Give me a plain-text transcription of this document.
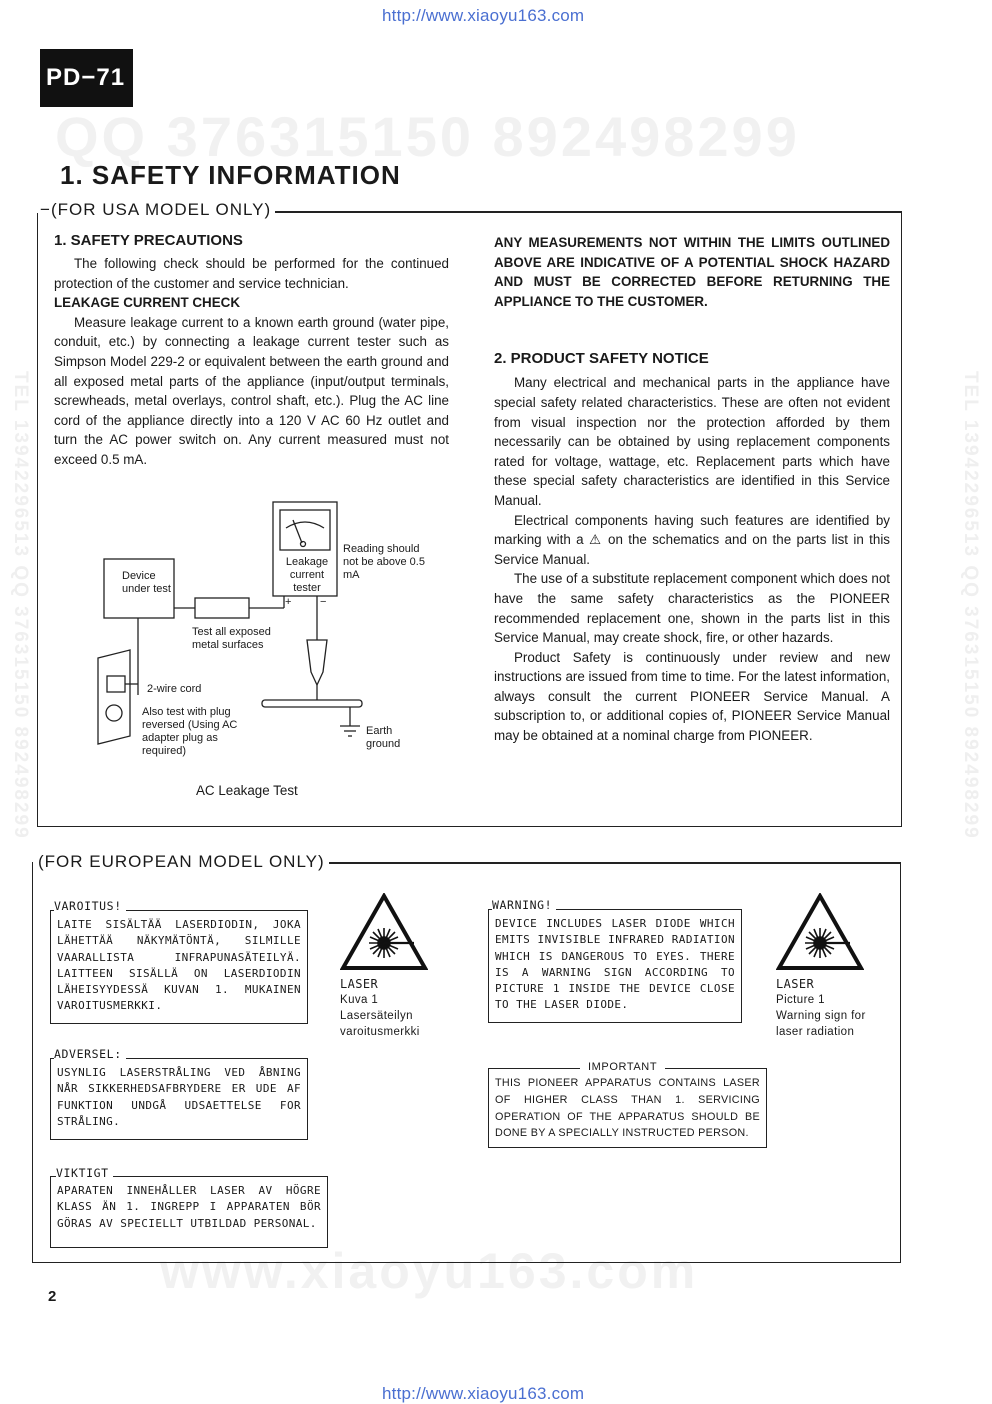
http://www.xiaoyu163.com
PD−71
QQ 376315150 892498299
www.xiaoyu163.com
TEL 13942296513 QQ 376315150 892498299	TEL 13942296513 QQ 376315150 892498299
1. SAFETY INFORMATION
−(FOR USA MODEL ONLY)
1. SAFETY PRECAUTIONS

The following check should be performed for the continued protection of the customer and service technician.

LEAKAGE CURRENT CHECK

Measure leakage current to a known earth ground (water pipe, conduit, etc.) by connecting a leakage current tester such as Simpson Model 229-2 or equivalent between the earth ground and all exposed metal parts of the appliance (input/output terminals, screwheads, metal overlays, control shaft, etc.). Plug the AC line cord of the appliance directly into a 120 V AC 60 Hz outlet and turn the AC power switch on. Any current measured must not exceed 0.5 mA.

+	−
Device under test
Leakage current tester
Reading should not be above 0.5 mA
Test all exposed metal surfaces
2-wire cord
Also test with plug reversed (Using AC adapter plug as required)
Earth ground
AC Leakage Test

ANY MEASUREMENTS NOT WITHIN THE LIMITS OUTLINED ABOVE ARE INDICATIVE OF A POTENTIAL SHOCK HAZARD AND MUST BE CORRECTED BEFORE RETURNING THE APPLIANCE TO THE CUSTOMER.

2. PRODUCT SAFETY NOTICE

Many electrical and mechanical parts in the appliance have special safety related characteristics. These are often not evident from visual inspection nor the protection afforded by them necessarily can be obtained by using replacement components rated for voltage, wattage, etc. Replacement parts which have these special safety characteristics are identified in this Service Manual.

Electrical components having such features are identified by marking with a ⚠ on the schematics and on the parts list in this Service Manual.

The use of a substitute replacement component which does not have the same safety characteristics as the PIONEER recommended replacement one, shown in the parts list in this Service Manual, may create shock, fire, or other hazards.

Product Safety is continuously under review and new instructions are issued from time to time. For the latest information, always consult the current PIONEER Service Manual. A subscription to, or additional copies of, PIONEER Service Manual may be obtained at a nominal charge from PIONEER.

(FOR EUROPEAN MODEL ONLY)
LAITE SISÄLTÄÄ LASERDIODIN, JOKA LÄHETTÄÄ NÄKYMÄTÖNTÄ, SILMILLE VAARALLISTA INFRAPUNASÄTEILYÄ. LAITTEEN SISÄLLÄ ON LASERDIODIN LÄHEISYYDESSÄ KUVAN 1. MUKAINEN VAROITUSMERKKI.
VAROITUS!
LASER
Kuva 1
Lasersäteilyn
varoitusmerkki
USYNLIG LASERSTRÅLING VED ÅBNING NÅR SIKKERHEDSAFBRYDERE ER UDE AF FUNKTION UNDGÅ UDSAETTELSE FOR STRÅLING.
ADVERSEL:
APARATEN INNEHÅLLER LASER AV HÖGRE KLASS ÄN 1. INGREPP I APPARATEN BÖR GÖRAS AV SPECIELLT UTBILDAD PERSONAL.
VIKTIGT
DEVICE INCLUDES LASER DIODE WHICH EMITS INVISIBLE INFRARED RADIATION WHICH IS DANGEROUS TO EYES. THERE IS A WARNING SIGN ACCORDING TO PICTURE 1 INSIDE THE DEVICE CLOSE TO THE LASER DIODE.
WARNING!
LASER
Picture 1
Warning sign for
laser radiation
THIS PIONEER APPARATUS CONTAINS LASER OF HIGHER CLASS THAN 1. SERVICING OPERATION OF THE APPARATUS SHOULD BE DONE BY A SPECIALLY INSTRUCTED PERSON.
IMPORTANT
2
http://www.xiaoyu163.com
